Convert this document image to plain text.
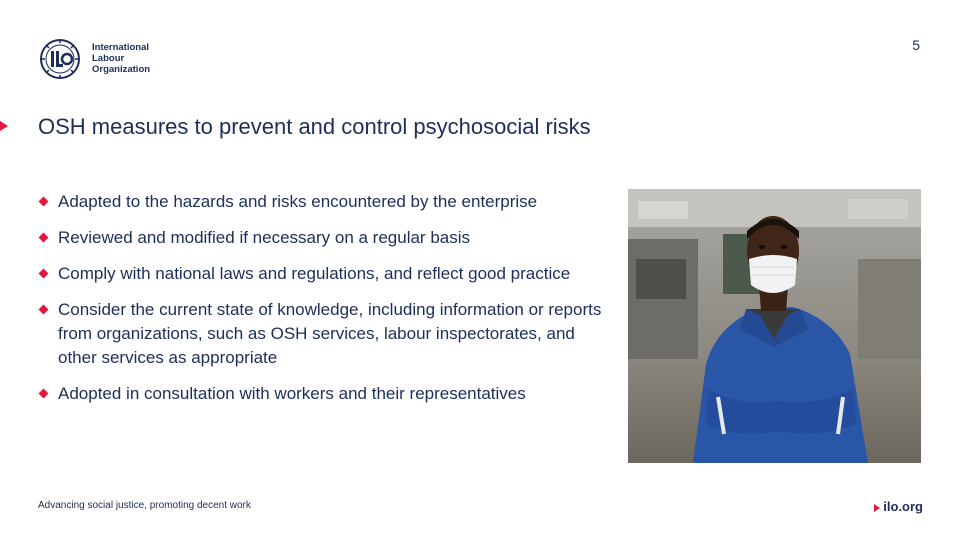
International
Labour
Organization
5
OSH measures to prevent and control psychosocial risks
Adapted to the hazards and risks encountered by the enterprise
Reviewed and modified if necessary on a regular basis
Comply with national laws and regulations, and reflect good practice
Consider the current state of knowledge, including information or reports from organizations, such as OSH services, labour inspectorates, and other services as appropriate
Adopted in consultation with workers and their representatives
Advancing social justice, promoting decent work	ilo.org
